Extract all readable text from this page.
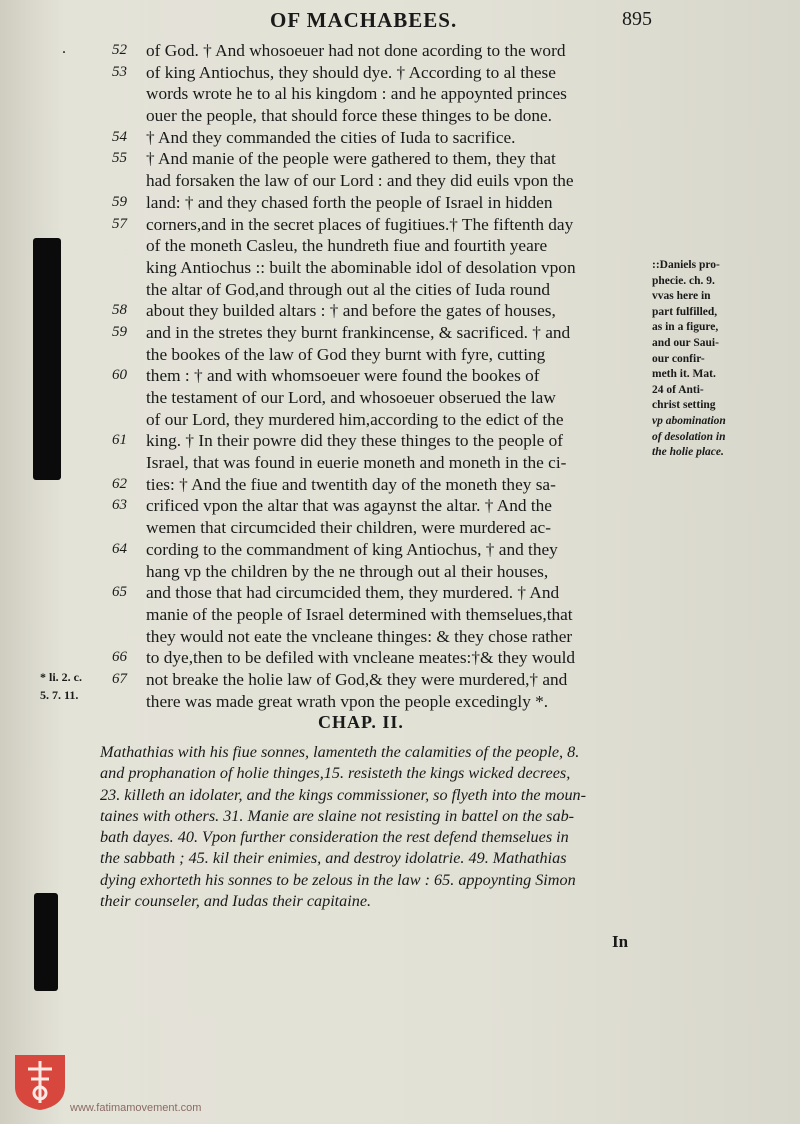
OF MACHABEES.	895
.	52	of God. † And whosoeuer had not done acording to the word
53	of king Antiochus, they should dye. † According to al these
words wrote he to al his kingdom : and he appoynted princes
ouer the people, that should force these thinges to be done.
54	† And they commanded the cities of Iuda to sacrifice.
55	† And manie of the people were gathered to them, they that
had forsaken the law of our Lord : and they did euils vpon the
59	land: † and they chased forth the people of Israel in hidden
57	corners,and in the secret places of fugitiues.† The fiftenth day
of the moneth Casleu, the hundreth fiue and fourtith yeare
king Antiochus :: built the abominable idol of desolation vpon
the altar of God,and through out al the cities of Iuda round
58	about they builded altars : † and before the gates of houses,
59	and in the stretes they burnt frankincense, & sacrificed. † and
the bookes of the law of God they burnt with fyre, cutting
60	them : † and with whomsoeuer were found the bookes of
the testament of our Lord, and whosoeuer obserued the law
of our Lord, they murdered him,according to the edict of the
61	king. † In their powre did they these thinges to the people of
Israel, that was found in euerie moneth and moneth in the ci-
62	ties: † And the fiue and twentith day of the moneth they sa-
63	crificed vpon the altar that was agaynst the altar. † And the
wemen that circumcided their children, were murdered ac-
64	cording to the commandment of king Antiochus, † and they
hang vp the children by the ne through out al their houses,
65	and those that had circumcided them, they murdered. † And
manie of the people of Israel determined with themselues,that
they would not eate the vncleane thinges: & they chose rather
66	to dye,then to be defiled with vncleane meates:†& they would
67	not breake the holie law of God,& they were murdered,† and
there was made great wrath vpon the people excedingly *.
::Daniels pro-
phecie. ch. 9.
vvas here in
part fulfilled,
as in a figure,
and our Saui-
our confir-
meth it. Mat.
24 of Anti-
christ setting
vp abomination
of desolation in
the holie place.
* li. 2. c.
5. 7. 11.
CHAP. II.
Mathathias with his fiue sonnes, lamenteth the calamities of the people, 8.
and prophanation of holie thinges,15. resisteth the kings wicked decrees,
23. killeth an idolater, and the kings commissioner, so flyeth into the moun-
taines with others. 31. Manie are slaine not resisting in battel on the sab-
bath dayes. 40. Vpon further consideration the rest defend themselues in
the sabbath ; 45. kil their enimies, and destroy idolatrie. 49. Mathathias
dying exhorteth his sonnes to be zelous in the law : 65. appoynting Simon
their counseler, and Iudas their capitaine.
In
www.fatimamovement.com
